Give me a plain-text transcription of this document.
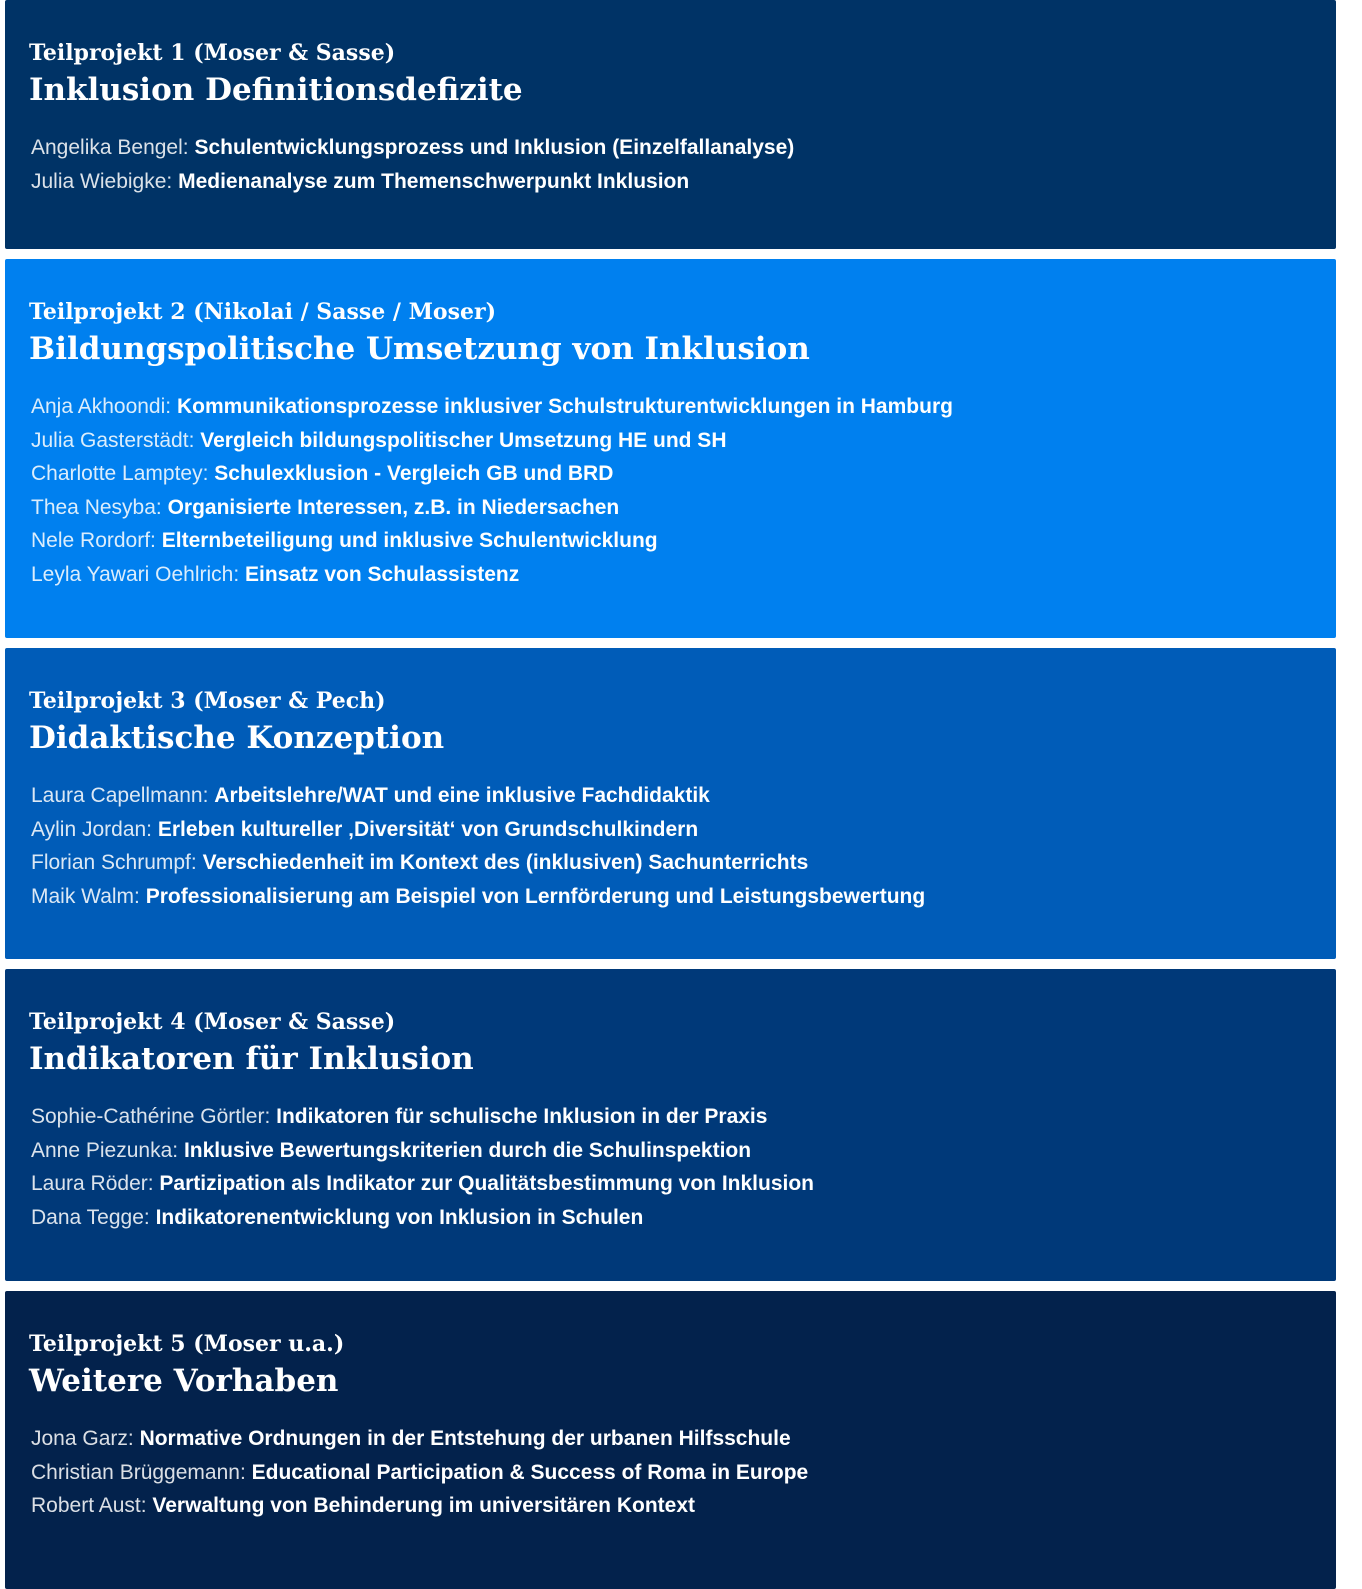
Teilprojekt 1 (Moser & Sasse)
Inklusion Definitionsdefizite
Angelika Bengel: Schulentwicklungsprozess und Inklusion (Einzelfallanalyse)
Julia Wiebigke: Medienanalyse zum Themenschwerpunkt Inklusion
Teilprojekt 2 (Nikolai / Sasse / Moser)
Bildungspolitische Umsetzung von Inklusion
Anja Akhoondi: Kommunikationsprozesse inklusiver Schulstrukturentwicklungen in Hamburg
Julia Gasterstädt: Vergleich bildungspolitischer Umsetzung HE und SH
Charlotte Lamptey: Schulexklusion - Vergleich GB und BRD
Thea Nesyba: Organisierte Interessen, z.B. in Niedersachen
Nele Rordorf: Elternbeteiligung und inklusive Schulentwicklung
Leyla Yawari Oehlrich: Einsatz von Schulassistenz
Teilprojekt 3 (Moser & Pech)
Didaktische Konzeption
Laura Capellmann: Arbeitslehre/WAT und eine inklusive Fachdidaktik
Aylin Jordan: Erleben kultureller ‚Diversität‘ von Grundschulkindern
Florian Schrumpf: Verschiedenheit im Kontext des (inklusiven) Sachunterrichts
Maik Walm: Professionalisierung am Beispiel von Lernförderung und Leistungsbewertung
Teilprojekt 4 (Moser & Sasse)
Indikatoren für Inklusion
Sophie-Cathérine Görtler: Indikatoren für schulische Inklusion in der Praxis
Anne Piezunka: Inklusive Bewertungskriterien durch die Schulinspektion
Laura Röder: Partizipation als Indikator zur Qualitätsbestimmung von Inklusion
Dana Tegge: Indikatorenentwicklung von Inklusion in Schulen
Teilprojekt 5 (Moser u.a.)
Weitere Vorhaben
Jona Garz: Normative Ordnungen in der Entstehung der urbanen Hilfsschule
Christian Brüggemann: Educational Participation & Success of Roma in Europe
Robert Aust: Verwaltung von Behinderung im universitären Kontext
